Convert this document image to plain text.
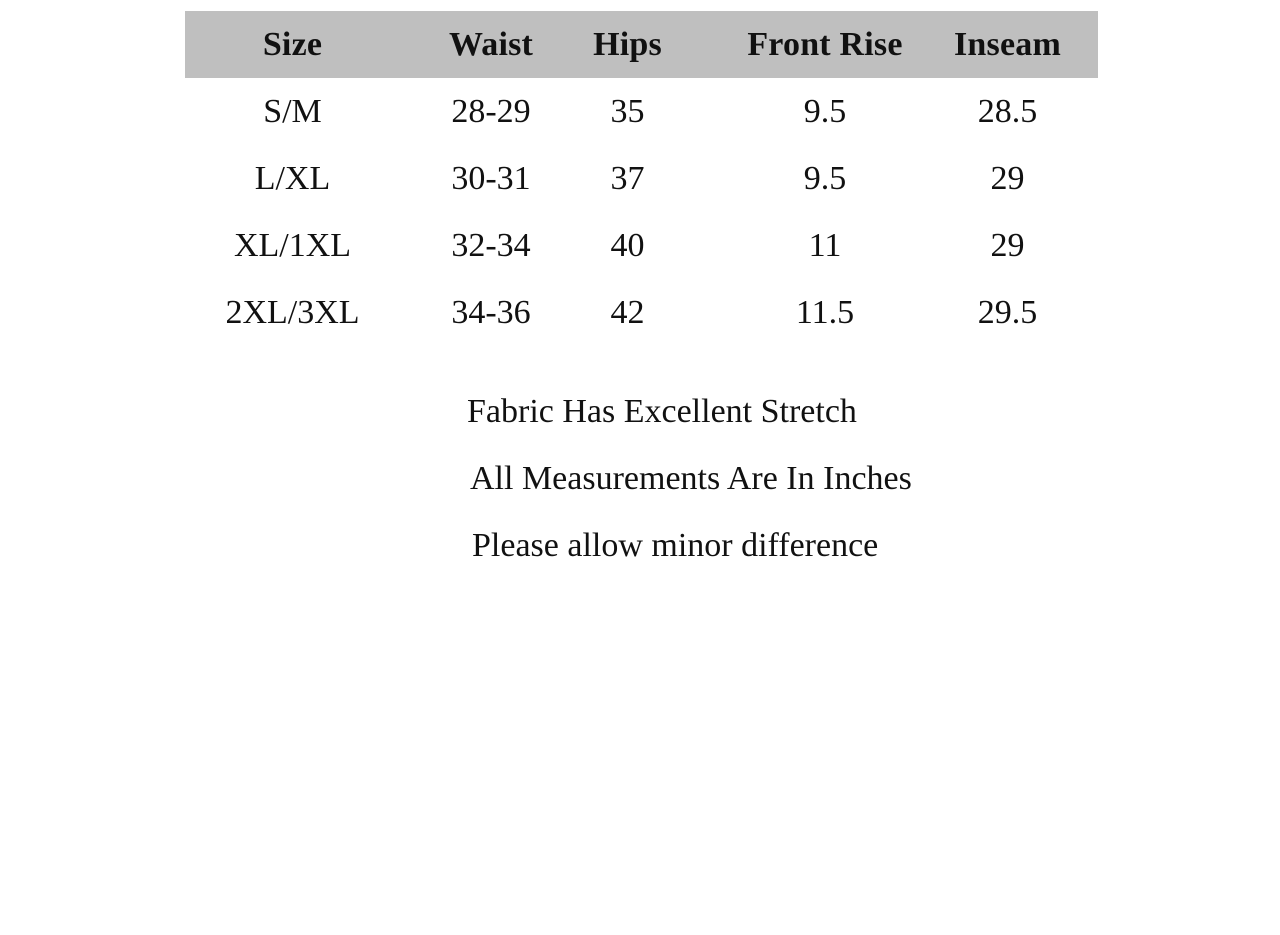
Size	Waist	Hips	Front Rise	Inseam
S/M	28-29	35	9.5	28.5
L/XL	30-31	37	9.5	29
XL/1XL	32-34	40	11	29
2XL/3XL	34-36	42	11.5	29.5
Fabric Has Excellent Stretch
All Measurements Are In Inches
Please allow minor difference
